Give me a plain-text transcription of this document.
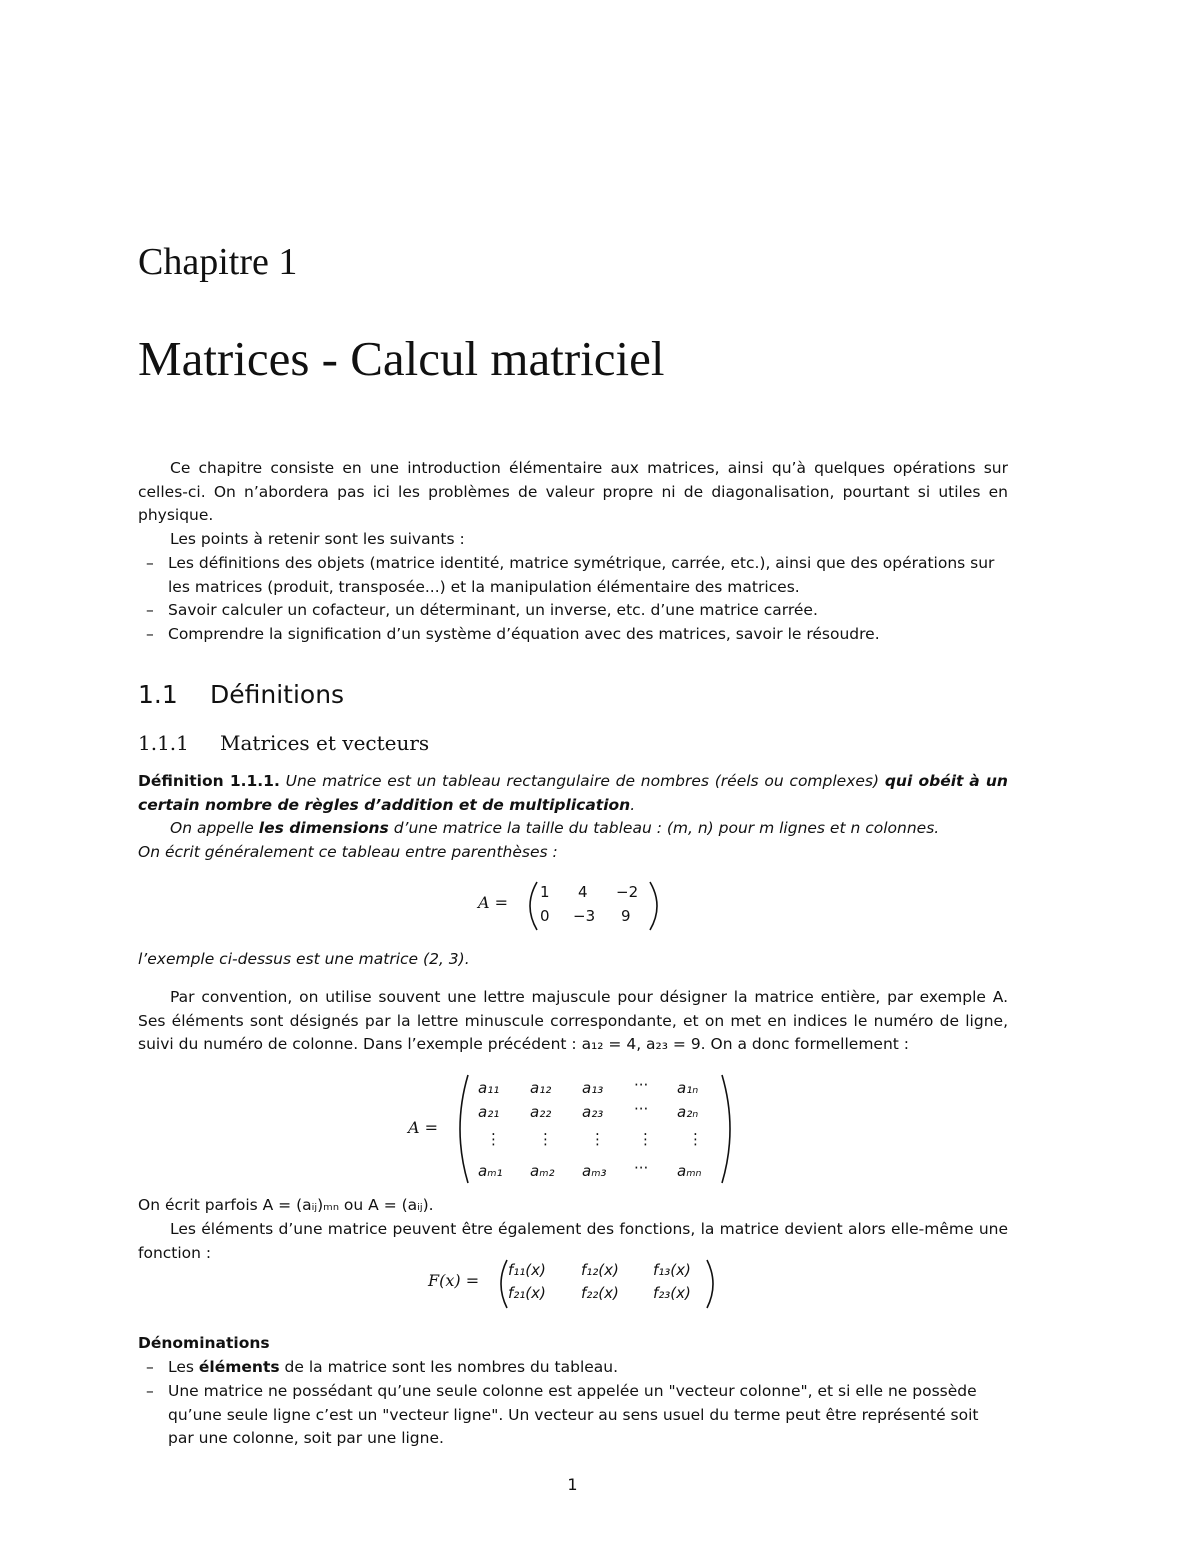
Chapitre 1
Matrices - Calcul matriciel
Ce chapitre consiste en une introduction élémentaire aux matrices, ainsi qu’à quelques opérations sur celles-ci. On n’abordera pas ici les problèmes de valeur propre ni de diagonalisation, pourtant si utiles en physique.
Les points à retenir sont les suivants :
– Les définitions des objets (matrice identité, matrice symétrique, carrée, etc.), ainsi que des opérations sur les matrices (produit, transposée...) et la manipulation élémentaire des matrices.
– Savoir calculer un cofacteur, un déterminant, un inverse, etc. d’une matrice carrée.
– Comprendre la signification d’un système d’équation avec des matrices, savoir le résoudre.
1.1 Définitions
1.1.1 Matrices et vecteurs
Définition 1.1.1. Une matrice est un tableau rectangulaire de nombres (réels ou complexes) qui obéit à un certain nombre de règles d’addition et de multiplication.
On appelle les dimensions d’une matrice la taille du tableau : (m, n) pour m lignes et n colonnes.
On écrit généralement ce tableau entre parenthèses :
A =
1 4 −2
0 −3 9
l’exemple ci-dessus est une matrice (2, 3).
Par convention, on utilise souvent une lettre majuscule pour désigner la matrice entière, par exemple A. Ses éléments sont désignés par la lettre minuscule correspondante, et on met en indices le numéro de ligne, suivi du numéro de colonne. Dans l’exemple précédent : a₁₂ = 4, a₂₃ = 9. On a donc formellement :
A =
a₁₁ a₁₂ a₁₃ ··· a₁ₙ
a₂₁ a₂₂ a₂₃ ··· a₂ₙ
⋮ ⋮ ⋮ ⋮ ⋮
aₘ₁ aₘ₂ aₘ₃ ··· aₘₙ
On écrit parfois A = (aᵢⱼ)ₘₙ ou A = (aᵢⱼ).
Les éléments d’une matrice peuvent être également des fonctions, la matrice devient alors elle-même une fonction :
F(x) =
f₁₁(x) f₁₂(x) f₁₃(x)
f₂₁(x) f₂₂(x) f₂₃(x)
Dénominations
– Les éléments de la matrice sont les nombres du tableau.
– Une matrice ne possédant qu’une seule colonne est appelée un "vecteur colonne", et si elle ne possède qu’une seule ligne c’est un "vecteur ligne". Un vecteur au sens usuel du terme peut être représenté soit par une colonne, soit par une ligne.
1
